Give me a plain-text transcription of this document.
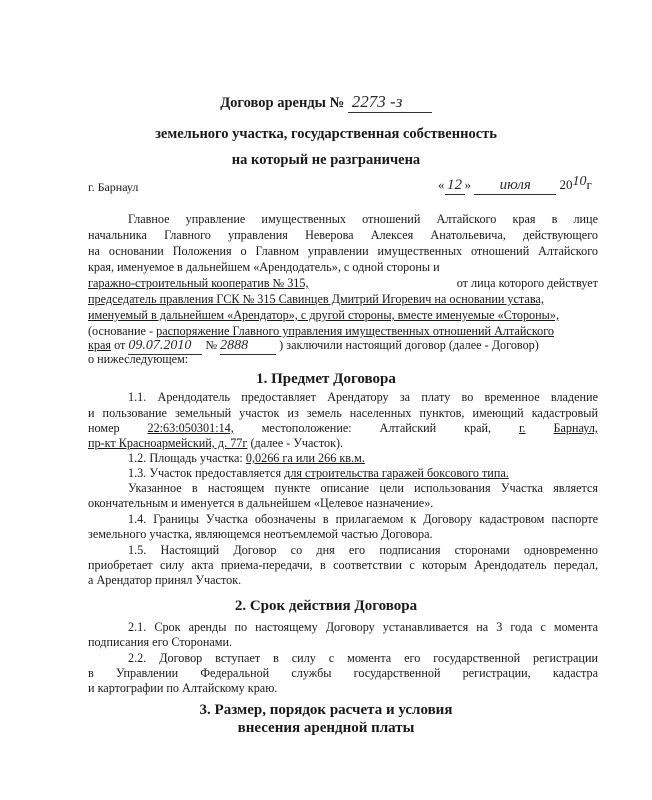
Договор аренды № 2273 -з
земельного участка, государственная собственность
на который не разграничена
г. Барнаул	« 12 » июля 2010г
Главное управление имущественных отношений Алтайского края в лице
начальника Главного управления Неверова Алексея Анатольевича, действующего
на основании Положения о Главном управлении имущественных отношений Алтайского
края, именуемое в дальнейшем «Арендодатель», с одной стороны и
гаражно-строительный кооператив № 315,	от лица которого действует
председатель правления ГСК № 315 Савинцев Дмитрий Игоревич на основании устава,
именуемый в дальнейшем «Арендатор», с другой стороны, вместе именуемые «Стороны»,
(основание - распоряжение Главного управления имущественных отношений Алтайского
края от 09.07.2010 № 2888	) заключили настоящий договор (далее - Договор)
о нижеследующем:
1. Предмет Договора
1.1. Арендодатель предоставляет Арендатору за плату во временное владение
и пользование земельный участок из земель населенных пунктов, имеющий кадастровый
номер 22:63:050301:14, местоположение: Алтайский край, г. Барнаул,
пр-кт Красноармейский, д. 77г (далее - Участок).
1.2. Площадь участка: 0,0266 га или 266 кв.м.
1.3. Участок предоставляется для строительства гаражей боксового типа.
Указанное в настоящем пункте описание цели использования Участка является
окончательным и именуется в дальнейшем «Целевое назначение».
1.4. Границы Участка обозначены в прилагаемом к Договору кадастровом паспорте
земельного участка, являющемся неотъемлемой частью Договора.
1.5. Настоящий Договор со дня его подписания сторонами одновременно
приобретает силу акта приема-передачи, в соответствии с которым Арендодатель передал,
а Арендатор принял Участок.
2. Срок действия Договора
2.1. Срок аренды по настоящему Договору устанавливается на 3 года с момента
подписания его Сторонами.
2.2. Договор вступает в силу с момента его государственной регистрации
в Управлении Федеральной службы государственной регистрации, кадастра
и картографии по Алтайскому краю.
3. Размер, порядок расчета и условия
внесения арендной платы
